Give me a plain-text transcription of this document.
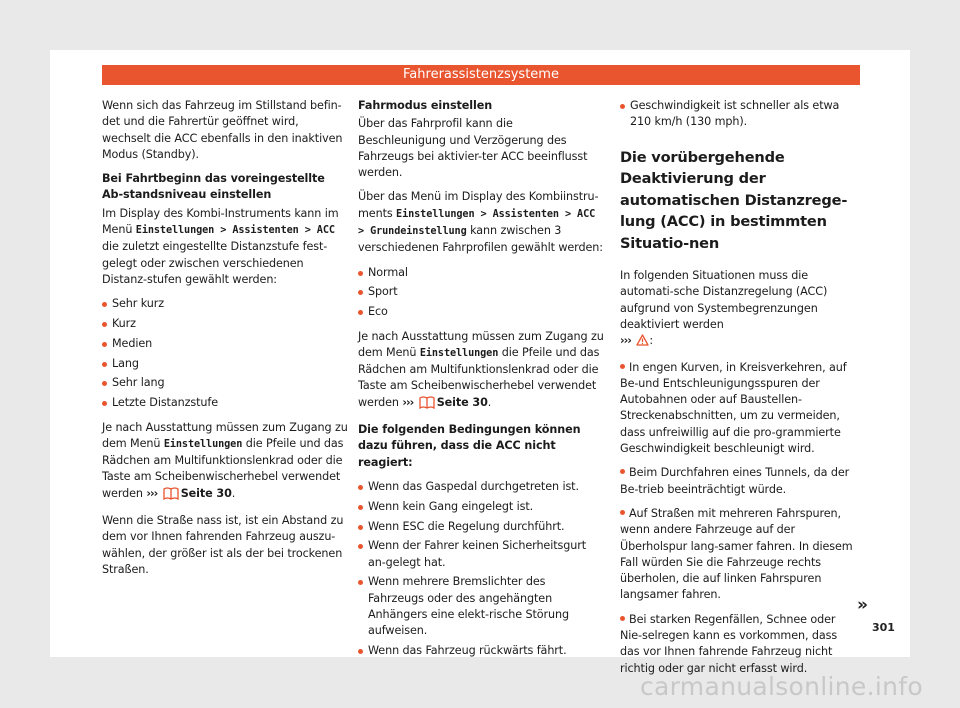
Fahrerassistenzsysteme

Wenn sich das Fahrzeug im Stillstand befin-det und die Fahrertür geöffnet wird, wechselt die ACC ebenfalls in den inaktiven Modus (Standby).

Bei Fahrtbeginn das voreingestellte Ab-standsniveau einstellen

Im Display des Kombi-Instruments kann im Menü Einstellungen > Assistenten > ACC die zuletzt eingestellte Distanzstufe fest-gelegt oder zwischen verschiedenen Distanz-stufen gewählt werden:

Sehr kurz
Kurz
Medien
Lang
Sehr lang
Letzte Distanzstufe

Je nach Ausstattung müssen zum Zugang zu dem Menü Einstellungen die Pfeile und das Rädchen am Multifunktionslenkrad oder die Taste am Scheibenwischerhebel verwendet werden ››› Seite 30.

Wenn die Straße nass ist, ist ein Abstand zu dem vor Ihnen fahrenden Fahrzeug auszu-wählen, der größer ist als der bei trockenen Straßen.

Fahrmodus einstellen

Über das Fahrprofil kann die Beschleunigung und Verzögerung des Fahrzeugs bei aktivier-ter ACC beeinflusst werden.

Über das Menü im Display des Kombiinstru-ments Einstellungen > Assistenten > ACC > Grundeinstellung kann zwischen 3 verschiedenen Fahrprofilen gewählt werden:

Normal
Sport
Eco

Je nach Ausstattung müssen zum Zugang zu dem Menü Einstellungen die Pfeile und das Rädchen am Multifunktionslenkrad oder die Taste am Scheibenwischerhebel verwendet werden ››› Seite 30.

Die folgenden Bedingungen können dazu führen, dass die ACC nicht reagiert:

Wenn das Gaspedal durchgetreten ist.
Wenn kein Gang eingelegt ist.
Wenn ESC die Regelung durchführt.
Wenn der Fahrer keinen Sicherheitsgurt an-gelegt hat.
Wenn mehrere Bremslichter des Fahrzeugs oder des angehängten Anhängers eine elekt-rische Störung aufweisen.
Wenn das Fahrzeug rückwärts fährt.
Geschwindigkeit ist schneller als etwa 210 km/h (130 mph).
Die vorübergehende Deaktivierung der automatischen Distanzrege-lung (ACC) in bestimmten Situatio-nen

In folgenden Situationen muss die automati-sche Distanzregelung (ACC) aufgrund von Systembegrenzungen deaktiviert werden
››› :

In engen Kurven, in Kreisverkehren, auf Be-und Entschleunigungsspuren der Autobahnen oder auf Baustellen-Streckenabschnitten, um zu vermeiden, dass unfreiwillig auf die pro-grammierte Geschwindigkeit beschleunigt wird.

Beim Durchfahren eines Tunnels, da der Be-trieb beeinträchtigt würde.

Auf Straßen mit mehreren Fahrspuren, wenn andere Fahrzeuge auf der Überholspur lang-samer fahren. In diesem Fall würden Sie die Fahrzeuge rechts überholen, die auf linken Fahrspuren langsamer fahren.

Bei starken Regenfällen, Schnee oder Nie-selregen kann es vorkommen, dass das vor Ihnen fahrende Fahrzeug nicht richtig oder gar nicht erfasst wird.

»
301
carmanualsonline.info
